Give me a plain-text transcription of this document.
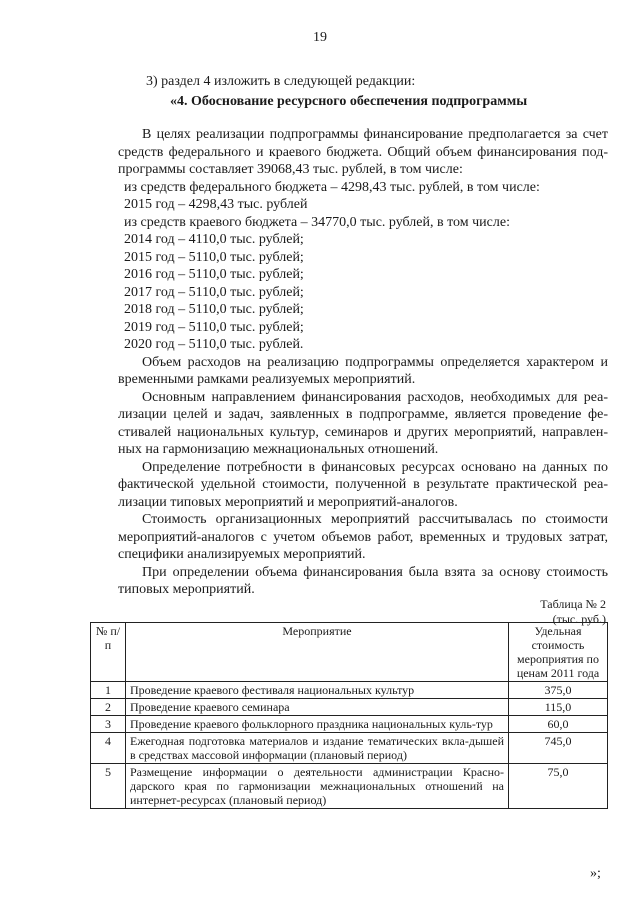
19
3) раздел 4 изложить в следующей редакции:
«4. Обоснование ресурсного обеспечения подпрограммы

В целях реализации подпрограммы финансирование предполагается за счет средств федерального и краевого бюджета. Общий объем финансирования под-программы составляет 39068,43 тыс. рублей, в том числе:

из средств федерального бюджета – 4298,43 тыс. рублей, в том числе:
2015 год – 4298,43 тыс. рублей
из средств краевого бюджета – 34770,0 тыс. рублей, в том числе:
2014 год – 4110,0 тыс. рублей;
2015 год – 5110,0 тыс. рублей;
2016 год – 5110,0 тыс. рублей;
2017 год – 5110,0 тыс. рублей;
2018 год – 5110,0 тыс. рублей;
2019 год – 5110,0 тыс. рублей;
2020 год – 5110,0 тыс. рублей.

Объем расходов на реализацию подпрограммы определяется характером и временными рамками реализуемых мероприятий.

Основным направлением финансирования расходов, необходимых для реа-лизации целей и задач, заявленных в подпрограмме, является проведение фе-стивалей национальных культур, семинаров и других мероприятий, направлен-ных на гармонизацию межнациональных отношений.

Определение потребности в финансовых ресурсах основано на данных по фактической удельной стоимости, полученной в результате практической реа-лизации типовых мероприятий и мероприятий-аналогов.

Стоимость организационных мероприятий рассчитывалась по стоимости мероприятий-аналогов с учетом объемов работ, временных и трудовых затрат, специфики анализируемых мероприятий.

При определении объема финансирования была взята за основу стоимость типовых мероприятий.

Таблица № 2
(тыс. руб.)
№ п/п	Мероприятие	Удельная стоимость мероприятия по ценам 2011 года
1	Проведение краевого фестиваля национальных культур	375,0
2	Проведение краевого семинара	115,0
3	Проведение краевого фольклорного праздника национальных куль-тур	60,0
4	Ежегодная подготовка материалов и издание тематических вкла-дышей в средствах массовой информации (плановый период)	745,0
5	Размещение информации о деятельности администрации Красно-дарского края по гармонизации межнациональных отношений на интернет-ресурсах (плановый период)	75,0
»;
